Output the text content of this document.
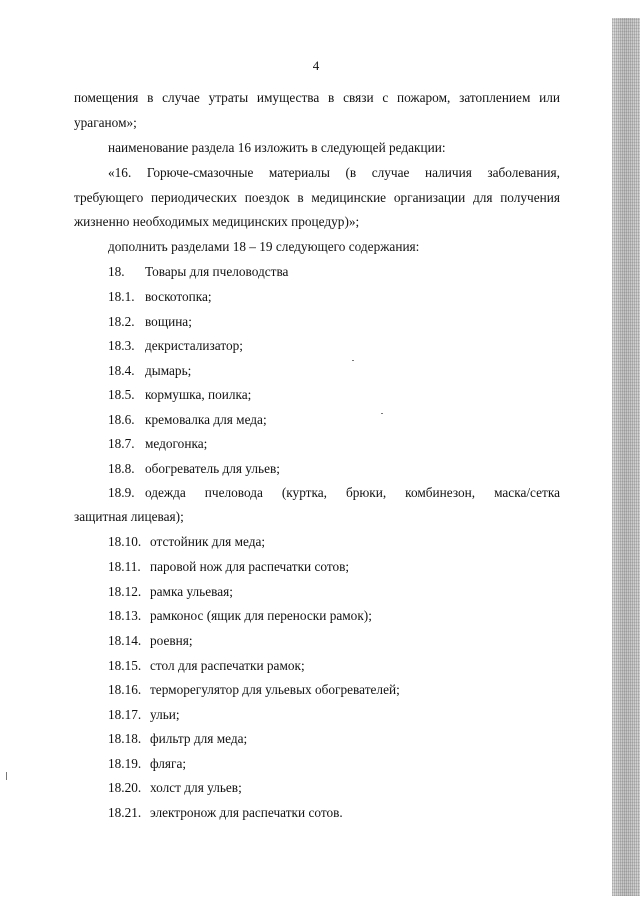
4
помещения в случае утраты имущества в связи с пожаром, затоплением или
ураганом»;
наименование раздела 16 изложить в следующей редакции:
«16. Горюче-смазочные материалы (в случае наличия заболевания,
требующего периодических поездок в медицинские организации для получения
жизненно необходимых медицинских процедур)»;
дополнить разделами 18 – 19 следующего содержания:
18. Товары для пчеловодства
18.1. воскотопка;
18.2. вощина;
18.3. декристализатор;
18.4. дымарь;
18.5. кормушка, поилка;
18.6. кремовалка для меда;
18.7. медогонка;
18.8. обогреватель для ульев;
18.9. одежда пчеловода (куртка, брюки, комбинезон, маска/сетка
защитная лицевая);
18.10. отстойник для меда;
18.11. паровой нож для распечатки сотов;
18.12. рамка ульевая;
18.13. рамконос (ящик для переноски рамок);
18.14. роевня;
18.15. стол для распечатки рамок;
18.16. терморегулятор для ульевых обогревателей;
18.17. ульи;
18.18. фильтр для меда;
18.19. фляга;
18.20. холст для ульев;
18.21. электронож для распечатки сотов.
